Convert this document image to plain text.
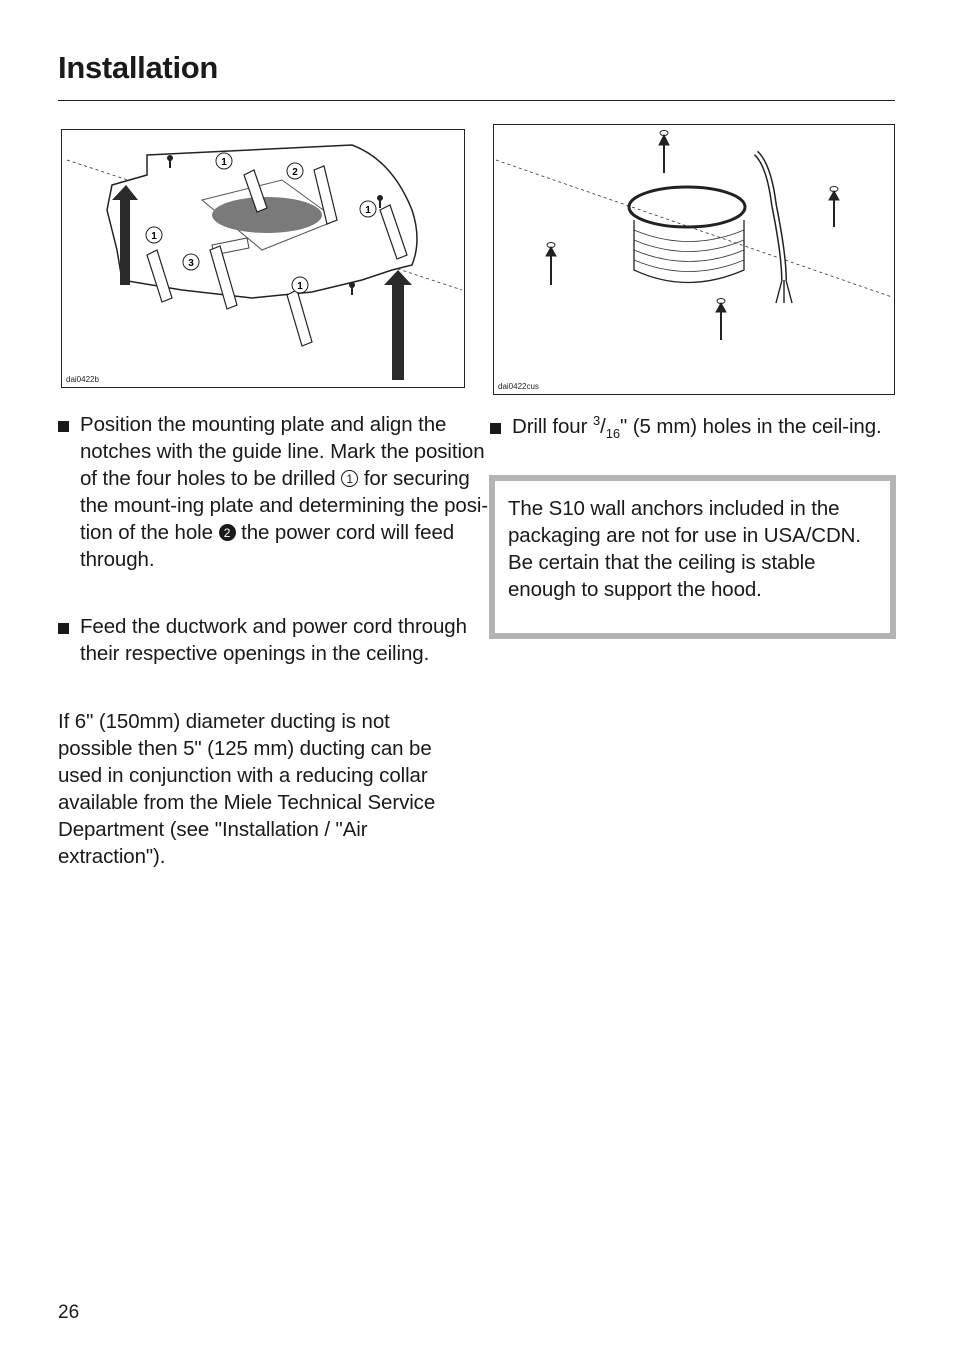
Installation
1
2
1
1
3
1
dai0422b
dai0422cus

Position the mounting plate and align the notches with the guide line. Mark the position of the four holes to be drilled 1 for securing the mount-ing plate and determining the posi-tion of the hole 2 the power cord will feed through.

Feed the ductwork and power cord through their respective openings in the ceiling.

If 6" (150mm) diameter ducting is not possible then 5" (125 mm) ducting can be used in conjunction with a reducing collar available from the Miele Technical Service Department (see "Installation / "Air extraction").

Drill four $^3/_{16}$" (5 mm) holes in the ceil-ing.

The S10 wall anchors included in the packaging are not for use in USA/CDN.

Be certain that the ceiling is stable enough to support the hood.

26
